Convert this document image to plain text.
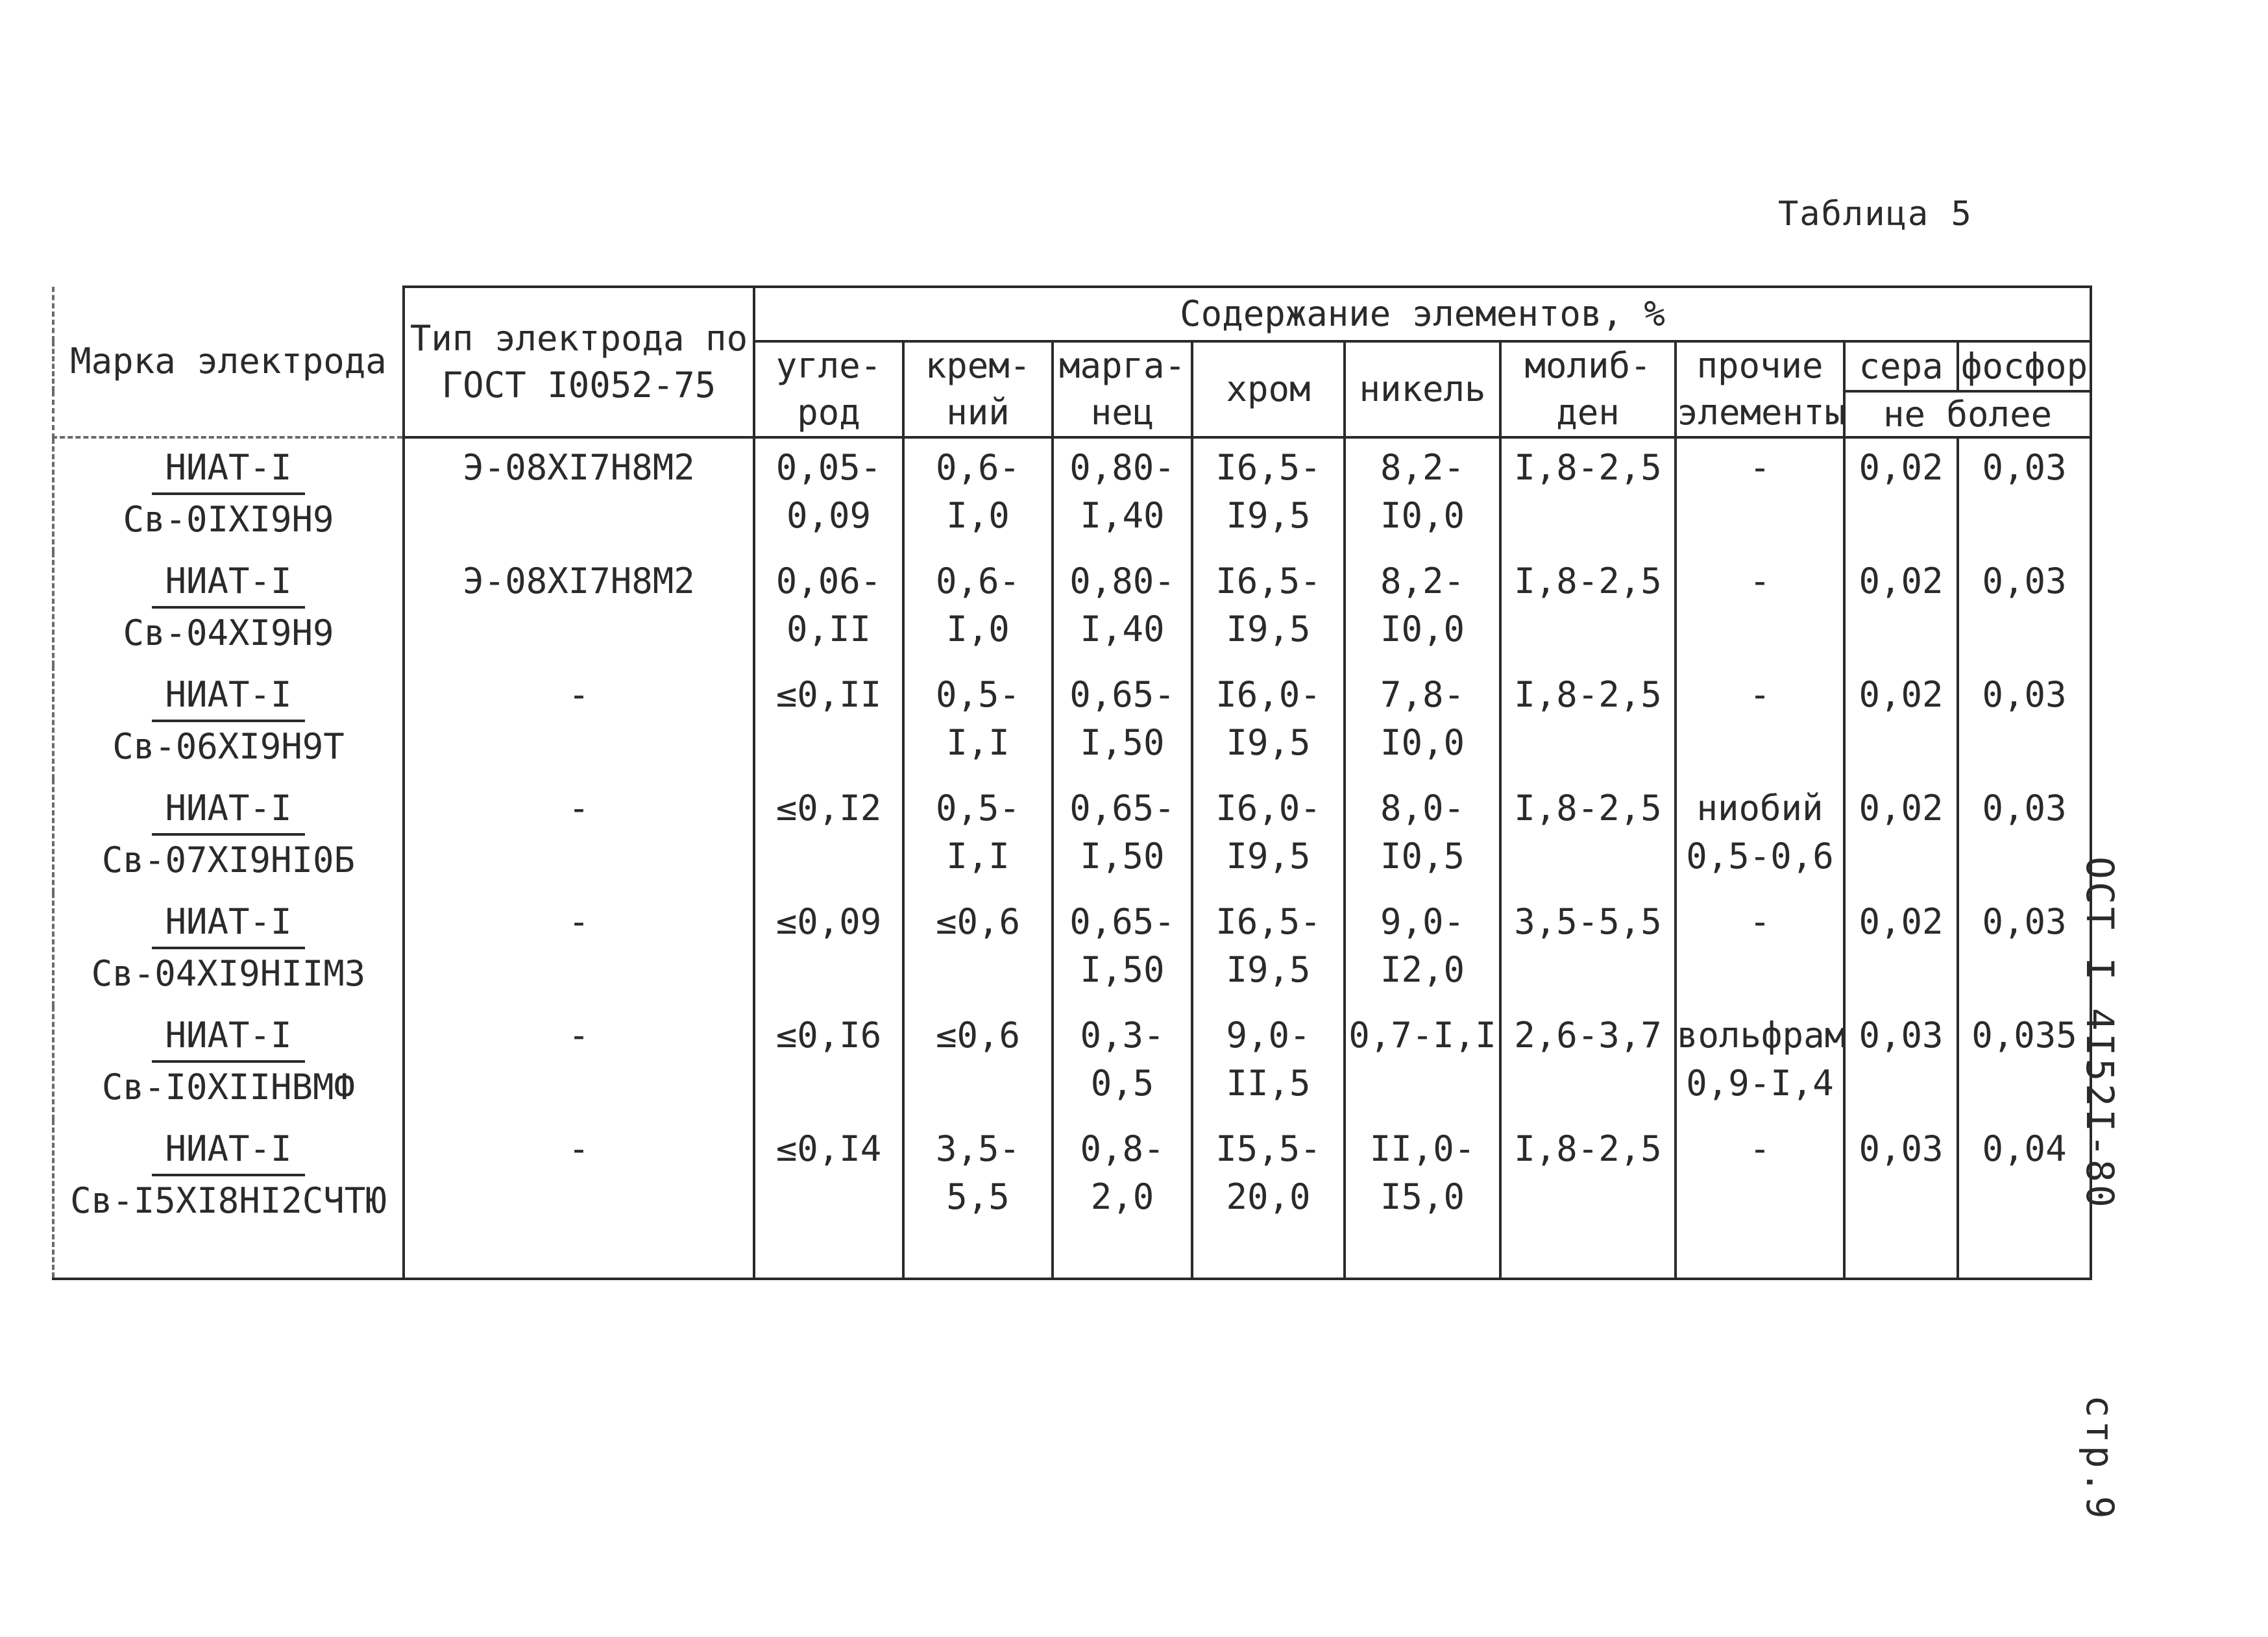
Таблица 5
Марка электрода	Тип электрода по ГОСТ I0052-75	Содержание элементов, %								
		угле- род	крем- ний	марга- нец	хром	никель	молиб- ден	прочие элементы	сера	фосфор
									не более	
НИАТ-I
Св-0IХI9Н9	Э-08ХI7Н8М2	0,05- 0,09	0,6-I,0	0,80- I,40	I6,5- I9,5	8,2- I0,0	I,8-2,5	-	0,02	0,03
НИАТ-I
Св-04ХI9Н9	Э-08ХI7Н8М2	0,06- 0,II	0,6-I,0	0,80- I,40	I6,5- I9,5	8,2- I0,0	I,8-2,5	-	0,02	0,03
НИАТ-I
Св-06ХI9Н9Т	-	≤0,II	0,5-I,I	0,65- I,50	I6,0- I9,5	7,8- I0,0	I,8-2,5	-	0,02	0,03
НИАТ-I
Св-07ХI9НI0Б	-	≤0,I2	0,5-I,I	0,65- I,50	I6,0- I9,5	8,0- I0,5	I,8-2,5	ниобий 0,5-0,6	0,02	0,03
НИАТ-I
Св-04ХI9НIIМ3	-	≤0,09	≤0,6	0,65- I,50	I6,5- I9,5	9,0- I2,0	3,5-5,5	-	0,02	0,03
НИАТ-I
Св-I0ХIIНВМФ	-	≤0,I6	≤0,6	0,3-0,5	9,0- II,5	0,7-I,I	2,6-3,7	вольфрам 0,9-I,4	0,03	0,035
НИАТ-I
Св-I5ХI8НI2СЧТЮ	-	≤0,I4	3,5-5,5	0,8- 2,0	I5,5- 20,0	II,0- I5,0	I,8-2,5	-	0,03	0,04 ОСТ I 4I52I-80
стр.9
